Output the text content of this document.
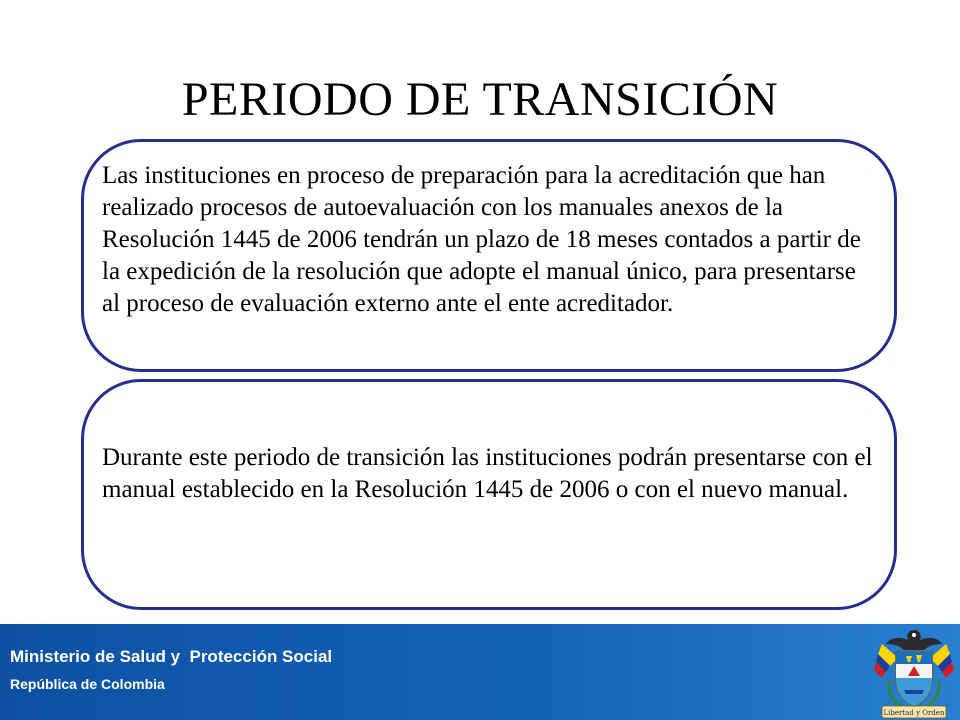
PERIODO DE TRANSICIÓN
Las instituciones en proceso de preparación para la acreditación que han realizado procesos de autoevaluación con los manuales anexos de la Resolución 1445 de 2006 tendrán un plazo de 18 meses contados a partir de la expedición de la resolución que adopte el manual único, para presentarse al proceso de evaluación externo ante el ente acreditador.
Durante este periodo de transición las instituciones podrán presentarse con el manual establecido en la Resolución 1445 de 2006 o con el nuevo manual.
Ministerio de Salud y  Protección Social
República de Colombia
Libertad y Orden
